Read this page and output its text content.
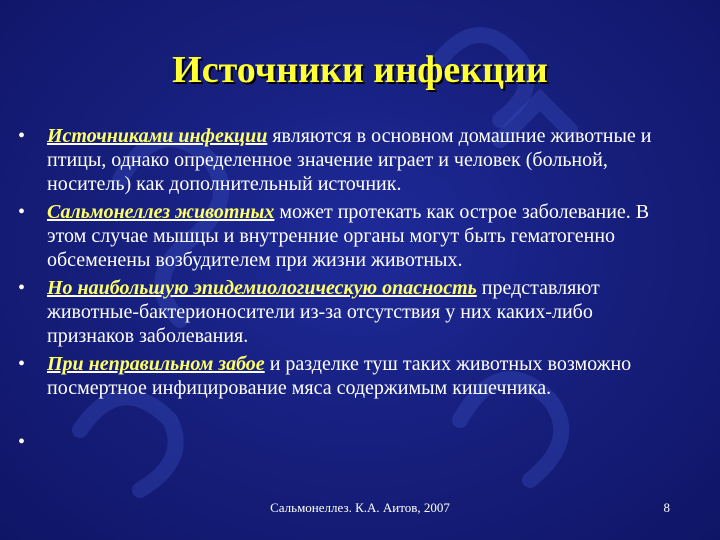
Источники инфекции
• Источниками инфекции являются в основном домашние животные и птицы, однако определенное значение играет и человек (больной, носитель) как дополнительный источник.
• Сальмонеллез животных может протекать как острое заболевание. В этом случае мышцы и внутренние органы могут быть гематогенно обсеменены возбудителем при жизни животных.
• Но наибольшую эпидемиологическую опасность представляют животные-бактерионосители из-за отсутствия у них каких-либо признаков заболевания.
• При неправильном забое и разделке туш таких животных возможно посмертное инфицирование мяса содержимым кишечника.
•

Сальмонеллез. К.А. Аитов, 2007	8
